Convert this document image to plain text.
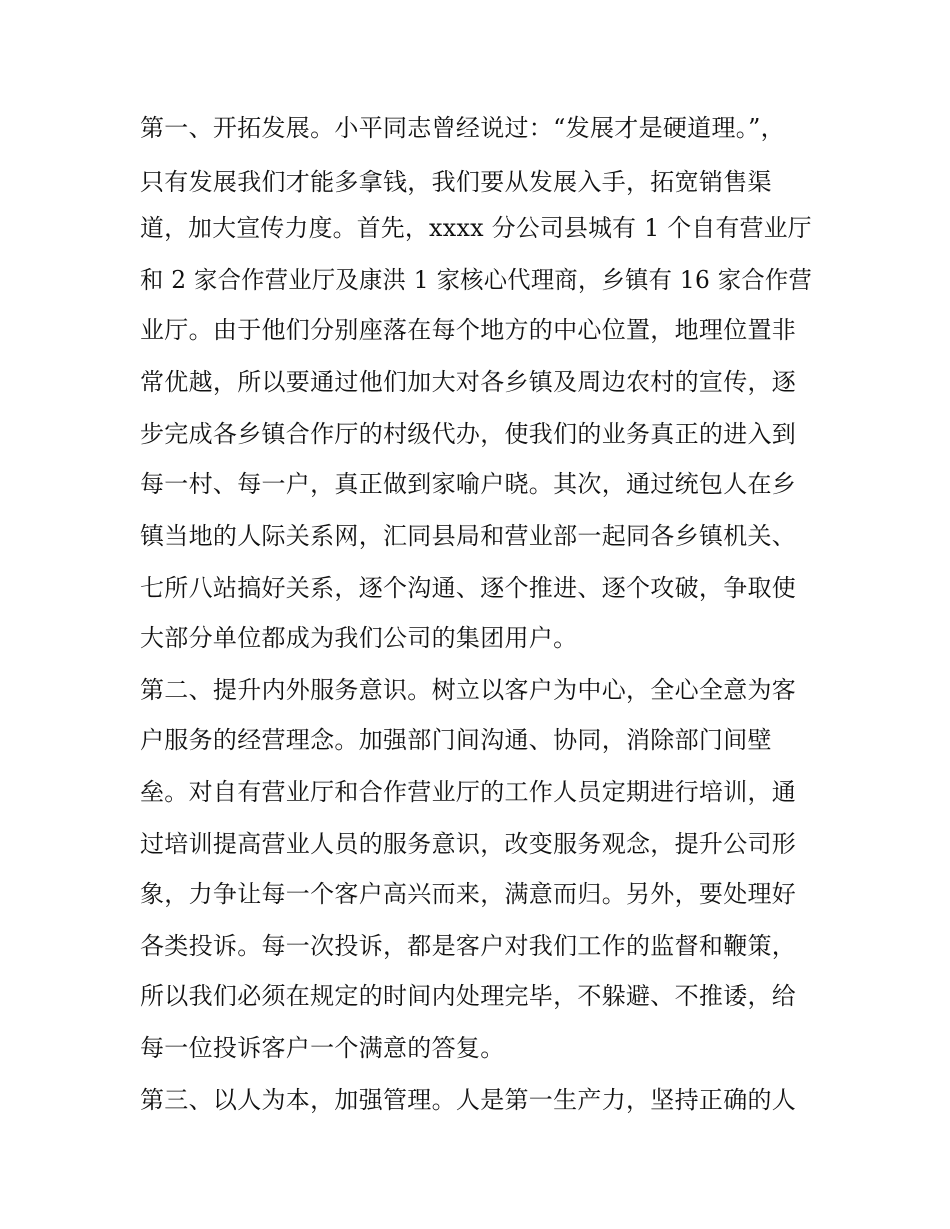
第一、开拓发展。小平同志曾经说过：“发展才是硬道理。”，
只有发展我们才能多拿钱，我们要从发展入手，拓宽销售渠
道，加大宣传力度。首先，xxxx 分公司县城有 1 个自有营业厅
和 2 家合作营业厅及康洪 1 家核心代理商，乡镇有 16 家合作营
业厅。由于他们分别座落在每个地方的中心位置，地理位置非
常优越，所以要通过他们加大对各乡镇及周边农村的宣传，逐
步完成各乡镇合作厅的村级代办，使我们的业务真正的进入到
每一村、每一户，真正做到家喻户晓。其次，通过统包人在乡
镇当地的人际关系网，汇同县局和营业部一起同各乡镇机关、
七所八站搞好关系，逐个沟通、逐个推进、逐个攻破，争取使
大部分单位都成为我们公司的集团用户。
第二、提升内外服务意识。树立以客户为中心，全心全意为客
户服务的经营理念。加强部门间沟通、协同，消除部门间壁
垒。对自有营业厅和合作营业厅的工作人员定期进行培训，通
过培训提高营业人员的服务意识，改变服务观念，提升公司形
象，力争让每一个客户高兴而来，满意而归。另外，要处理好
各类投诉。每一次投诉，都是客户对我们工作的监督和鞭策，
所以我们必须在规定的时间内处理完毕，不躲避、不推诿，给
每一位投诉客户一个满意的答复。
第三、以人为本，加强管理。人是第一生产力，坚持正确的人
